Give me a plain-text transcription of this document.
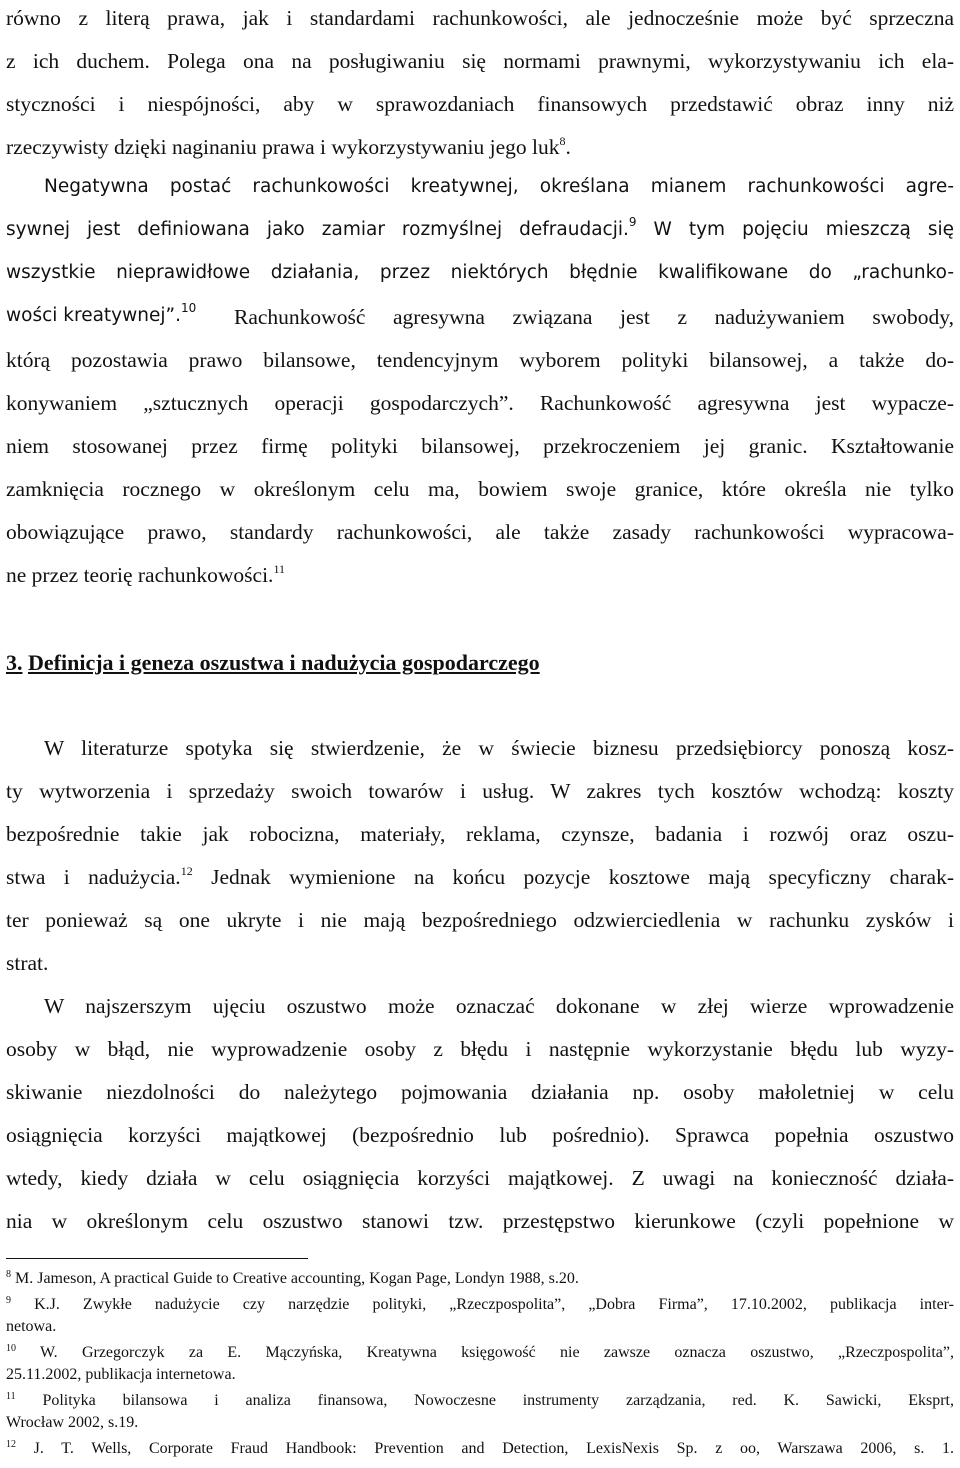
równo z literą prawa, jak i standardami rachunkowości, ale jednocześnie może być sprzeczna
z ich duchem. Polega ona na posługiwaniu się normami prawnymi, wykorzystywaniu ich ela-
styczności i niespójności, aby w sprawozdaniach finansowych przedstawić obraz inny niż
rzeczywisty dzięki naginaniu prawa i wykorzystywaniu jego luk$^8$.
Negatywna postać rachunkowości kreatywnej, określana mianem rachunkowości agre-
sywnej jest definiowana jako zamiar rozmyślnej defraudacji.$^9$ W tym pojęciu mieszczą się
wszystkie nieprawidłowe działania, przez niektórych błędnie kwalifikowane do „rachunko-
wości kreatywnej”.$^{10}$ Rachunkowość agresywna związana jest z nadużywaniem swobody,
którą pozostawia prawo bilansowe, tendencyjnym wyborem polityki bilansowej, a także do-
konywaniem „sztucznych operacji gospodarczych”. Rachunkowość agresywna jest wypacze-
niem stosowanej przez firmę polityki bilansowej, przekroczeniem jej granic. Kształtowanie
zamknięcia rocznego w określonym celu ma, bowiem swoje granice, które określa nie tylko
obowiązujące prawo, standardy rachunkowości, ale także zasady rachunkowości wypracowa-
ne przez teorię rachunkowości.$^{11}$
3. Definicja i geneza oszustwa i nadużycia gospodarczego
W literaturze spotyka się stwierdzenie, że w świecie biznesu przedsiębiorcy ponoszą kosz-
ty wytworzenia i sprzedaży swoich towarów i usług. W zakres tych kosztów wchodzą: koszty
bezpośrednie takie jak robocizna, materiały, reklama, czynsze, badania i rozwój oraz oszu-
stwa i nadużycia.$^{12}$ Jednak wymienione na końcu pozycje kosztowe mają specyficzny charak-
ter ponieważ są one ukryte i nie mają bezpośredniego odzwierciedlenia w rachunku zysków i
strat.
W najszerszym ujęciu oszustwo może oznaczać dokonane w złej wierze wprowadzenie
osoby w błąd, nie wyprowadzenie osoby z błędu i następnie wykorzystanie błędu lub wyzy-
skiwanie niezdolności do należytego pojmowania działania np. osoby małoletniej w celu
osiągnięcia korzyści majątkowej (bezpośrednio lub pośrednio). Sprawca popełnia oszustwo
wtedy, kiedy działa w celu osiągnięcia korzyści majątkowej. Z uwagi na konieczność działa-
nia w określonym celu oszustwo stanowi tzw. przestępstwo kierunkowe (czyli popełnione w
$^8$ M. Jameson, A practical Guide to Creative accounting, Kogan Page, Londyn 1988, s.20.
$^9$ K.J. Zwykłe nadużycie czy narzędzie polityki, „Rzeczpospolita”, „Dobra Firma”, 17.10.2002, publikacja inter-
netowa.
$^{10}$ W. Grzegorczyk za E. Mączyńska, Kreatywna księgowość nie zawsze oznacza oszustwo, „Rzeczpospolita”,
25.11.2002, publikacja internetowa.
$^{11}$ Polityka bilansowa i analiza finansowa, Nowoczesne instrumenty zarządzania, red. K. Sawicki, Eksprt,
Wrocław 2002, s.19.
$^{12}$ J. T. Wells, Corporate Fraud Handbook: Prevention and Detection, LexisNexis Sp. z oo, Warszawa 2006, s. 1.
